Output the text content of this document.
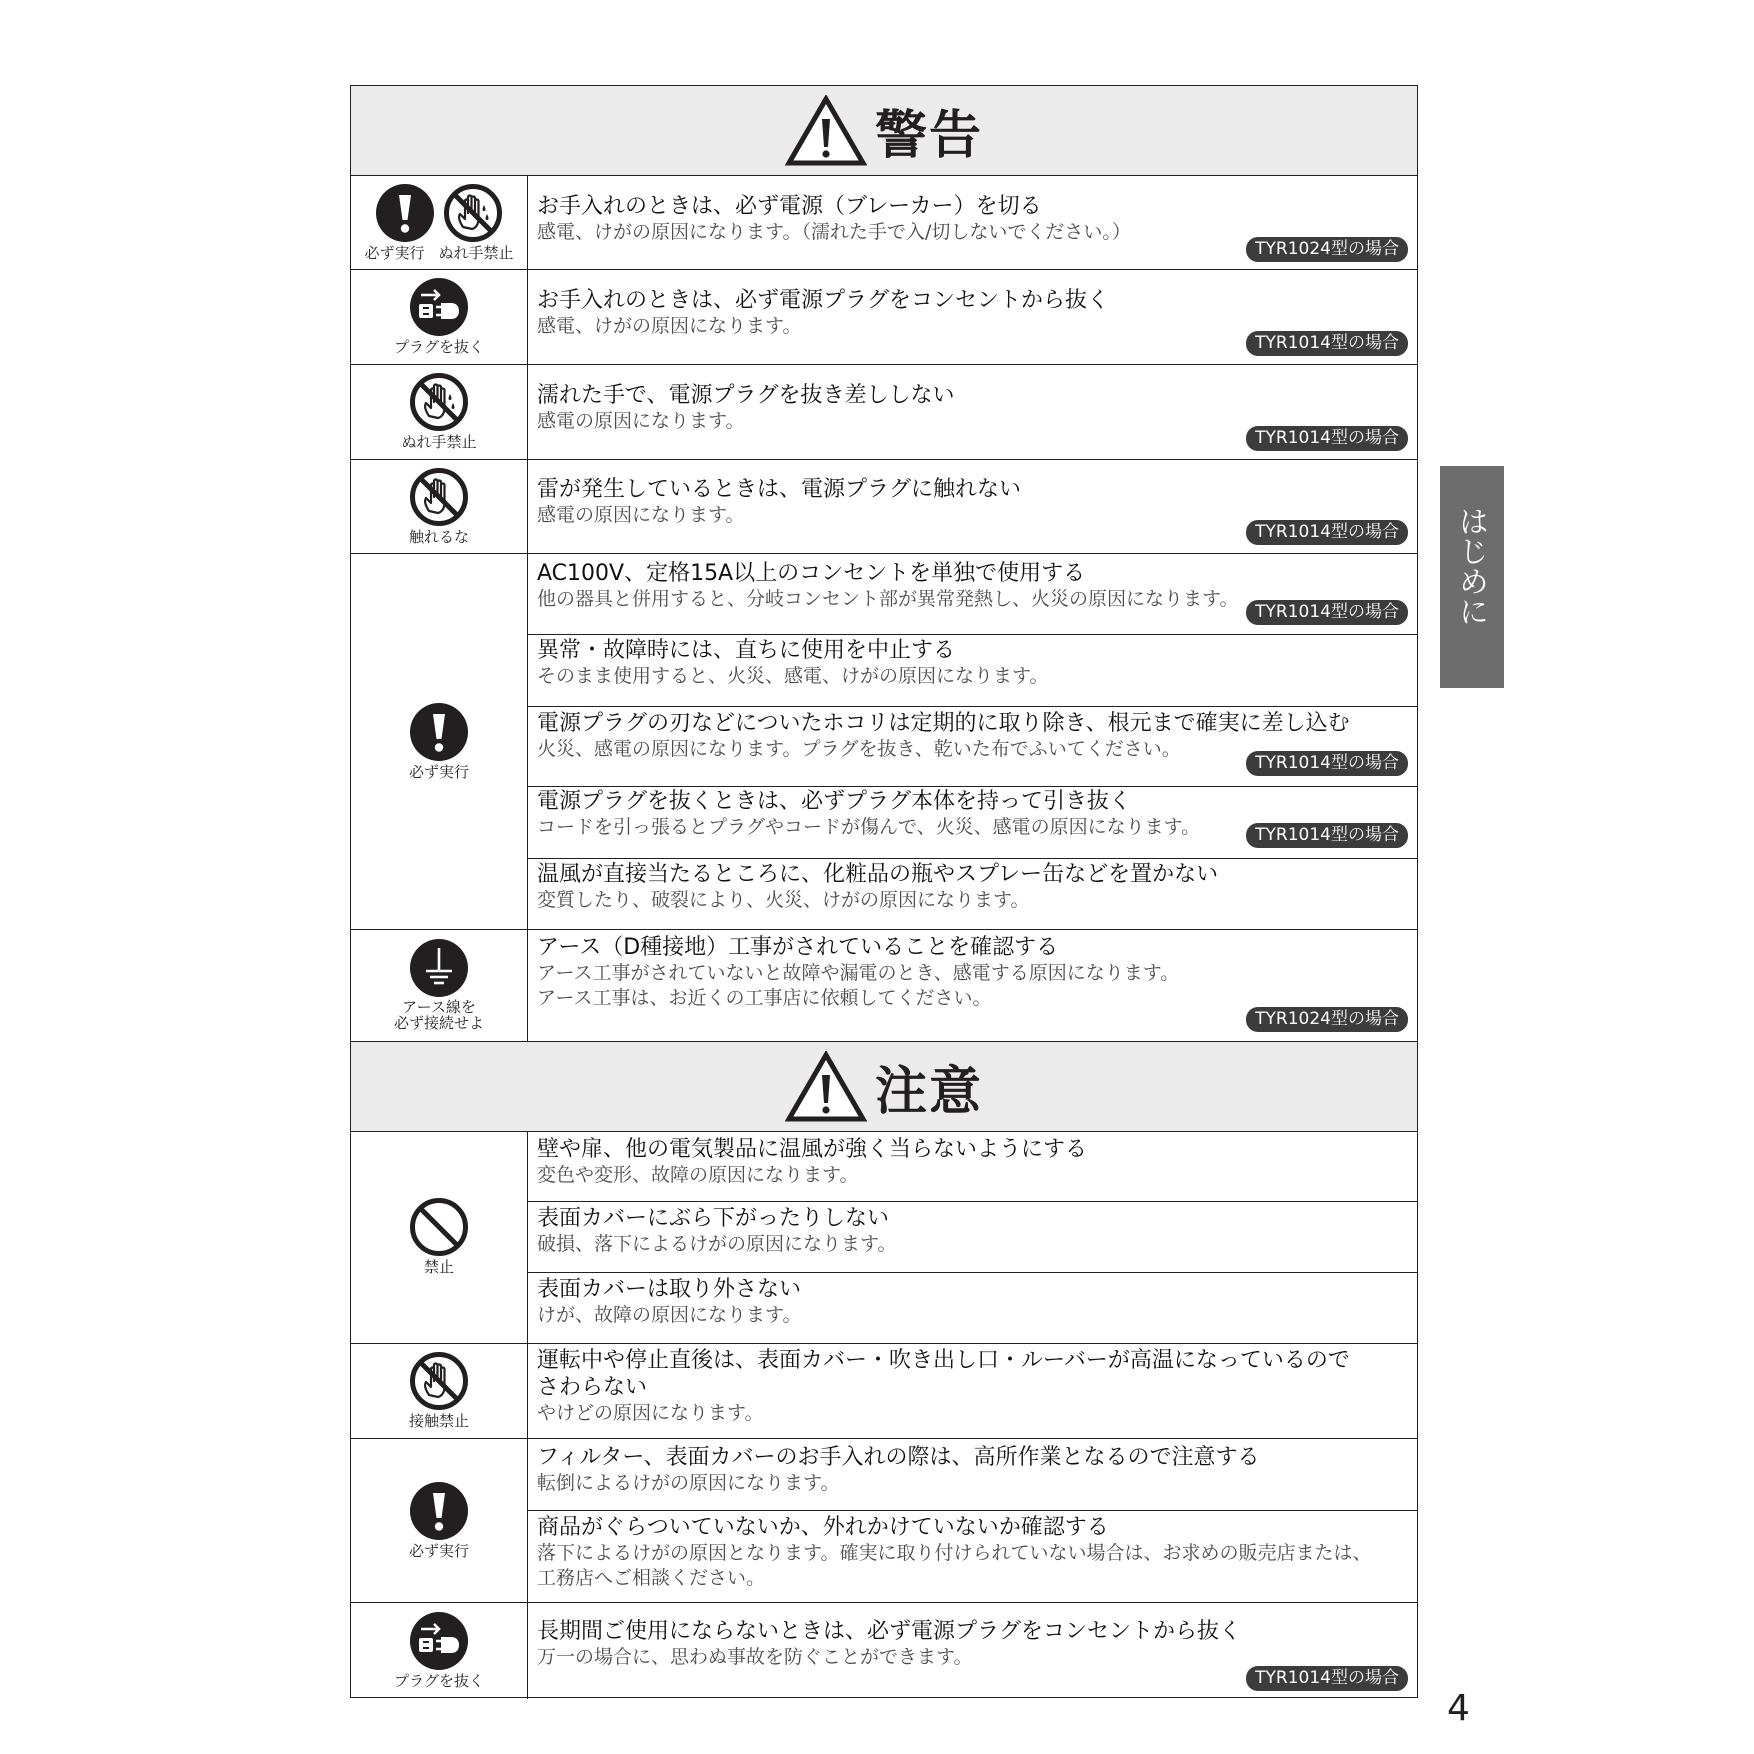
警告
注意
必ず実行 ぬれ手禁止
プラグを抜く
ぬれ手禁止
触れるな
必ず実行
アース線を
必ず接続せよ
禁止
接触禁止
必ず実行
プラグを抜く
お手入れのときは、必ず電源（ブレーカー）を切る
感電、けがの原因になります。（濡れた手で入/切しないでください。）
お手入れのときは、必ず電源プラグをコンセントから抜く
感電、けがの原因になります。
濡れた手で、電源プラグを抜き差ししない
感電の原因になります。
雷が発生しているときは、電源プラグに触れない
感電の原因になります。
AC100V、定格15A以上のコンセントを単独で使用する
他の器具と併用すると、分岐コンセント部が異常発熱し、火災の原因になります。
異常・故障時には、直ちに使用を中止する
そのまま使用すると、火災、感電、けがの原因になります。
電源プラグの刃などについたホコリは定期的に取り除き、根元まで確実に差し込む
火災、感電の原因になります。プラグを抜き、乾いた布でふいてください。
電源プラグを抜くときは、必ずプラグ本体を持って引き抜く
コードを引っ張るとプラグやコードが傷んで、火災、感電の原因になります。
温風が直接当たるところに、化粧品の瓶やスプレー缶などを置かない
変質したり、破裂により、火災、けがの原因になります。
アース（D種接地）工事がされていることを確認する
アース工事がされていないと故障や漏電のとき、感電する原因になります。
アース工事は、お近くの工事店に依頼してください。
壁や扉、他の電気製品に温風が強く当らないようにする
変色や変形、故障の原因になります。
表面カバーにぶら下がったりしない
破損、落下によるけがの原因になります。
表面カバーは取り外さない
けが、故障の原因になります。
運転中や停止直後は、表面カバー・吹き出し口・ルーバーが高温になっているので
さわらない
やけどの原因になります。
フィルター、表面カバーのお手入れの際は、高所作業となるので注意する
転倒によるけがの原因になります。
商品がぐらついていないか、外れかけていないか確認する
落下によるけがの原因となります。確実に取り付けられていない場合は、お求めの販売店または、
工務店へご相談ください。
長期間ご使用にならないときは、必ず電源プラグをコンセントから抜く
万一の場合に、思わぬ事故を防ぐことができます。
TYR1024型の場合
TYR1014型の場合
TYR1014型の場合
TYR1014型の場合
TYR1014型の場合
TYR1014型の場合
TYR1014型の場合
TYR1024型の場合
TYR1014型の場合
はじめに
4
